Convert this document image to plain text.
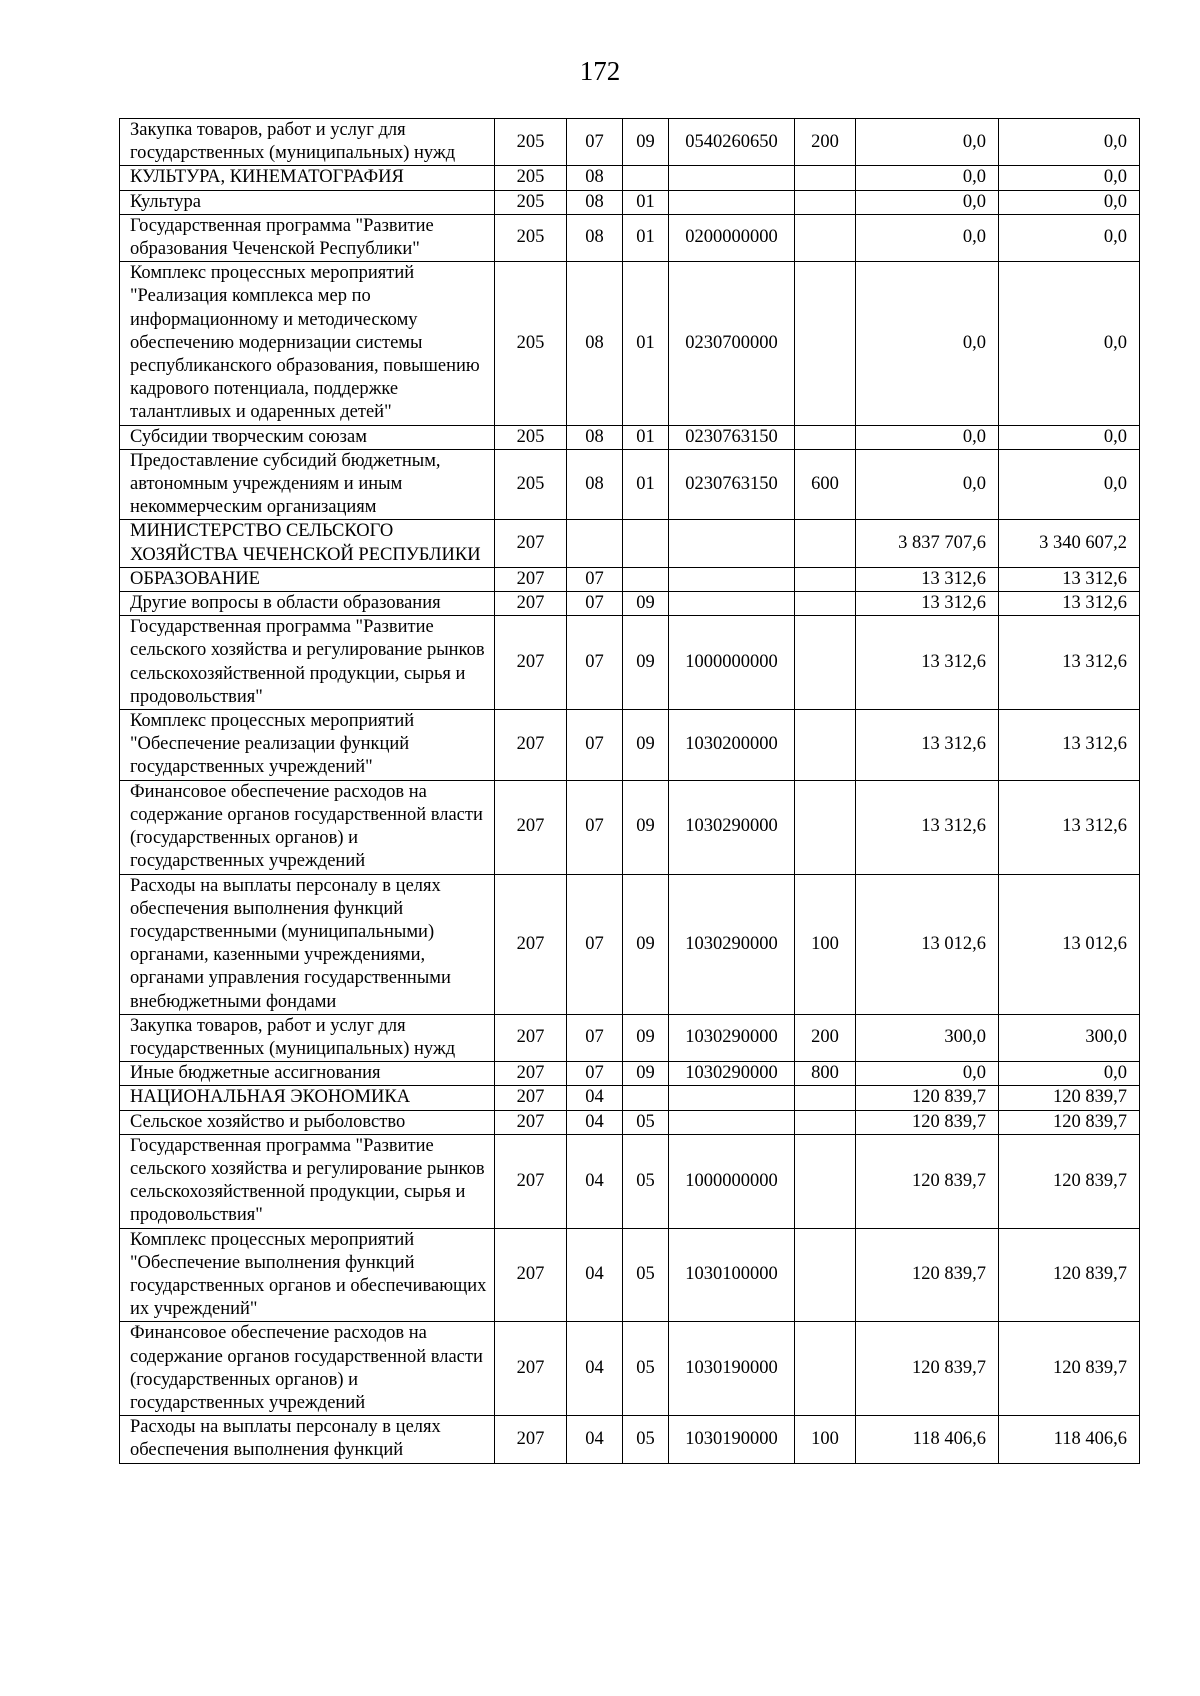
172
Закупка товаров, работ и услуг для государственных (муниципальных) нужд	205	07	09	0540260650	200	0,0	0,0
КУЛЬТУРА, КИНЕМАТОГРАФИЯ	205	08				0,0	0,0
Культура	205	08	01			0,0	0,0
Государственная программа "Развитие образования Чеченской Республики"	205	08	01	0200000000		0,0	0,0
Комплекс процессных мероприятий "Реализация комплекса мер по информационному и методическому обеспечению модернизации системы республиканского образования, повышению кадрового потенциала, поддержке талантливых и одаренных детей"	205	08	01	0230700000		0,0	0,0
Субсидии творческим союзам	205	08	01	0230763150		0,0	0,0
Предоставление субсидий бюджетным, автономным учреждениям и иным некоммерческим организациям	205	08	01	0230763150	600	0,0	0,0
МИНИСТЕРСТВО СЕЛЬСКОГО ХОЗЯЙСТВА ЧЕЧЕНСКОЙ РЕСПУБЛИКИ	207					3 837 707,6	3 340 607,2
ОБРАЗОВАНИЕ	207	07				13 312,6	13 312,6
Другие вопросы в области образования	207	07	09			13 312,6	13 312,6
Государственная программа "Развитие сельского хозяйства и регулирование рынков сельскохозяйственной продукции, сырья и продовольствия"	207	07	09	1000000000		13 312,6	13 312,6
Комплекс процессных мероприятий "Обеспечение реализации функций государственных учреждений"	207	07	09	1030200000		13 312,6	13 312,6
Финансовое обеспечение расходов на содержание органов государственной власти (государственных органов) и государственных учреждений	207	07	09	1030290000		13 312,6	13 312,6
Расходы на выплаты персоналу в целях обеспечения выполнения функций государственными (муниципальными) органами, казенными учреждениями, органами управления государственными внебюджетными фондами	207	07	09	1030290000	100	13 012,6	13 012,6
Закупка товаров, работ и услуг для государственных (муниципальных) нужд	207	07	09	1030290000	200	300,0	300,0
Иные бюджетные ассигнования	207	07	09	1030290000	800	0,0	0,0
НАЦИОНАЛЬНАЯ ЭКОНОМИКА	207	04				120 839,7	120 839,7
Сельское хозяйство и рыболовство	207	04	05			120 839,7	120 839,7
Государственная программа "Развитие сельского хозяйства и регулирование рынков сельскохозяйственной продукции, сырья и продовольствия"	207	04	05	1000000000		120 839,7	120 839,7
Комплекс процессных мероприятий "Обеспечение выполнения функций государственных органов и обеспечивающих их учреждений"	207	04	05	1030100000		120 839,7	120 839,7
Финансовое обеспечение расходов на содержание органов государственной власти (государственных органов) и государственных учреждений	207	04	05	1030190000		120 839,7	120 839,7
Расходы на выплаты персоналу в целях обеспечения выполнения функций	207	04	05	1030190000	100	118 406,6	118 406,6
